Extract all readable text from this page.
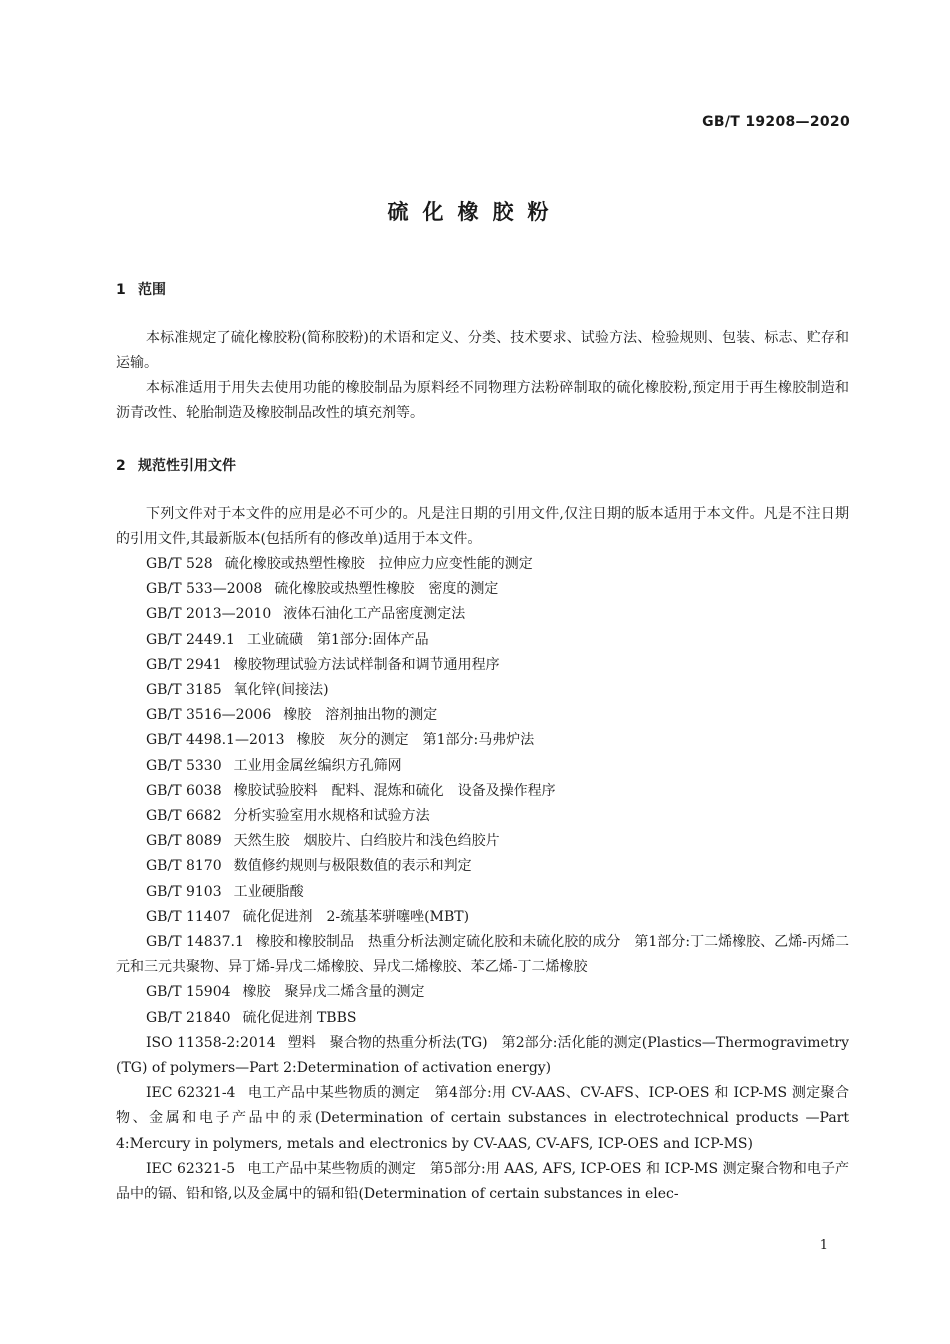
GB/T 19208—2020
硫化橡胶粉
1 范围
本标准规定了硫化橡胶粉(简称胶粉)的术语和定义、分类、技术要求、试验方法、检验规则、包装、标志、贮存和运输。
本标准适用于用失去使用功能的橡胶制品为原料经不同物理方法粉碎制取的硫化橡胶粉,预定用于再生橡胶制造和沥青改性、轮胎制造及橡胶制品改性的填充剂等。
2 规范性引用文件
下列文件对于本文件的应用是必不可少的。凡是注日期的引用文件,仅注日期的版本适用于本文件。凡是不注日期的引用文件,其最新版本(包括所有的修改单)适用于本文件。
GB/T 528 硫化橡胶或热塑性橡胶　拉伸应力应变性能的测定
GB/T 533—2008 硫化橡胶或热塑性橡胶　密度的测定
GB/T 2013—2010 液体石油化工产品密度测定法
GB/T 2449.1 工业硫磺　第1部分:固体产品
GB/T 2941 橡胶物理试验方法试样制备和调节通用程序
GB/T 3185 氧化锌(间接法)
GB/T 3516—2006 橡胶　溶剂抽出物的测定
GB/T 4498.1—2013 橡胶　灰分的测定　第1部分:马弗炉法
GB/T 5330 工业用金属丝编织方孔筛网
GB/T 6038 橡胶试验胶料　配料、混炼和硫化　设备及操作程序
GB/T 6682 分析实验室用水规格和试验方法
GB/T 8089 天然生胶　烟胶片、白绉胶片和浅色绉胶片
GB/T 8170 数值修约规则与极限数值的表示和判定
GB/T 9103 工业硬脂酸
GB/T 11407 硫化促进剂　2-巯基苯骈噻唑(MBT)
GB/T 14837.1 橡胶和橡胶制品　热重分析法测定硫化胶和未硫化胶的成分　第1部分:丁二烯橡胶、乙烯-丙烯二元和三元共聚物、异丁烯-异戊二烯橡胶、异戊二烯橡胶、苯乙烯-丁二烯橡胶
GB/T 15904 橡胶　聚异戊二烯含量的测定
GB/T 21840 硫化促进剂 TBBS
ISO 11358-2:2014 塑料　聚合物的热重分析法(TG)　第2部分:活化能的测定(Plastics—Thermogravimetry (TG) of polymers—Part 2:Determination of activation energy)
IEC 62321-4 电工产品中某些物质的测定　第4部分:用 CV-AAS、CV-AFS、ICP-OES 和 ICP-MS 测定聚合物、金属和电子产品中的汞(Determination of certain substances in electrotechnical products —Part 4:Mercury in polymers, metals and electronics by CV-AAS, CV-AFS, ICP-OES and ICP-MS)
IEC 62321-5 电工产品中某些物质的测定　第5部分:用 AAS, AFS, ICP-OES 和 ICP-MS 测定聚合物和电子产品中的镉、铅和铬,以及金属中的镉和铅(Determination of certain substances in elec-
1
